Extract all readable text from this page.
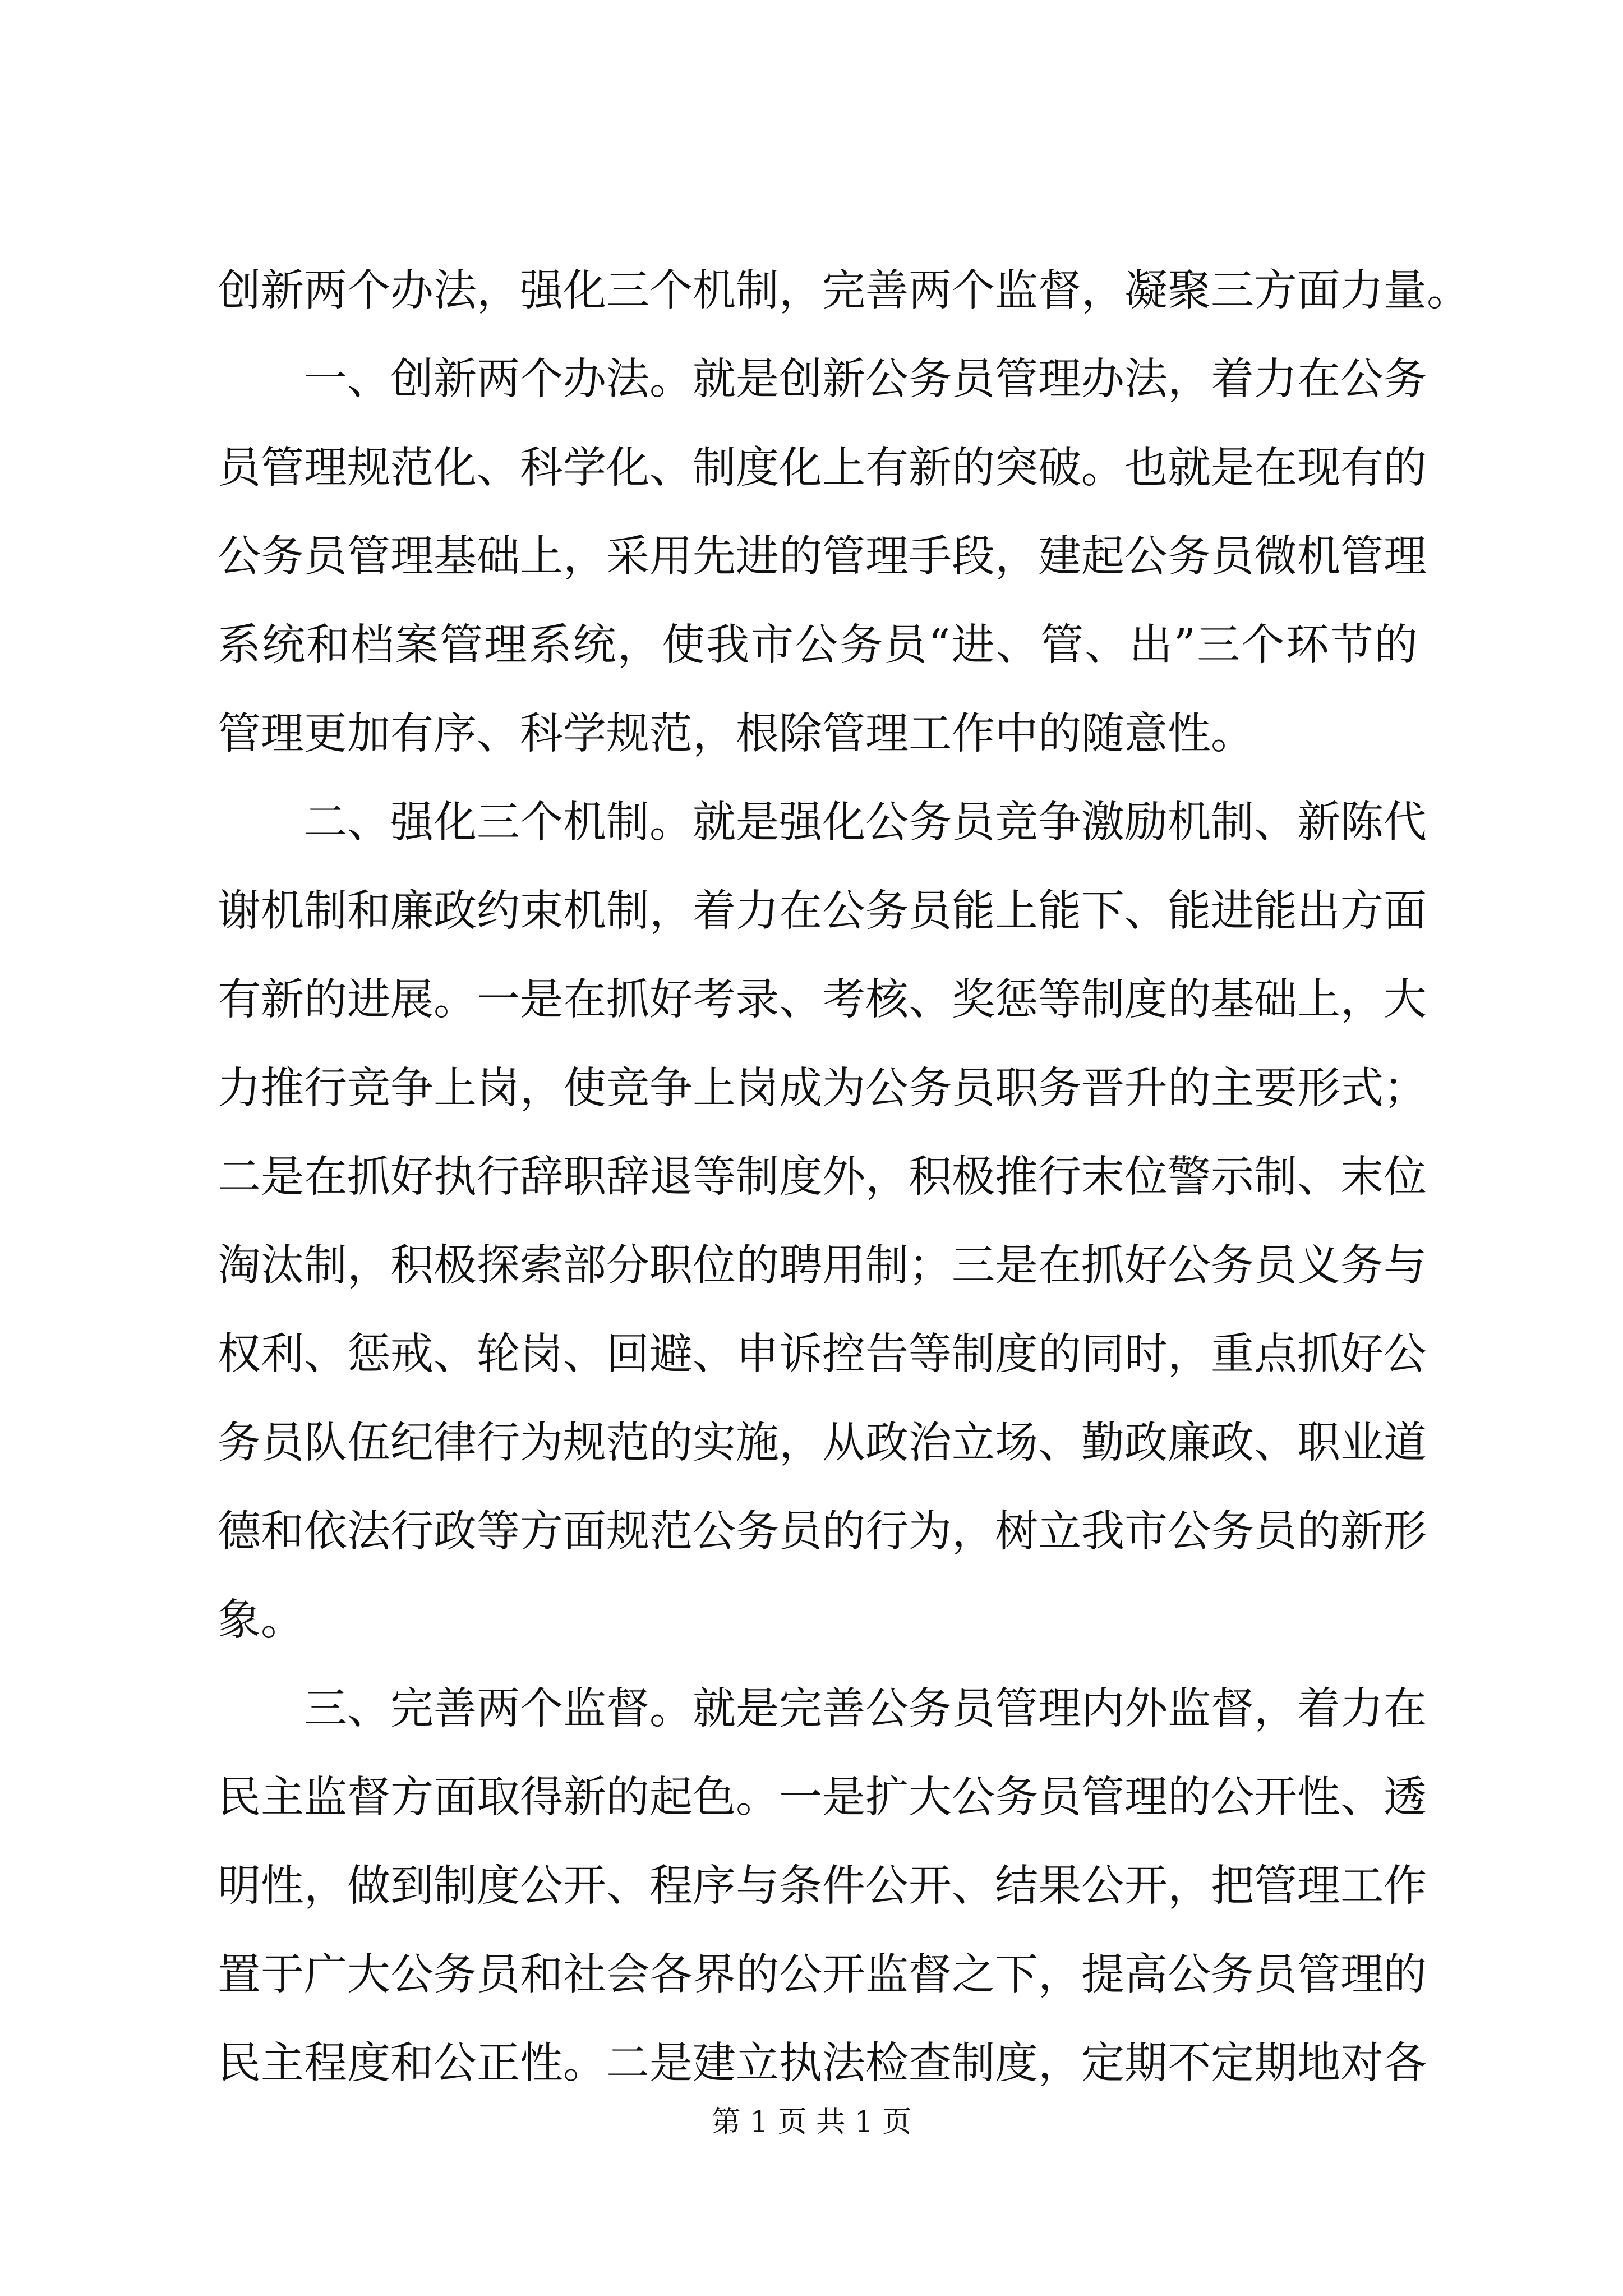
创新两个办法，强化三个机制，完善两个监督，凝聚三方面力量。
一、创新两个办法。就是创新公务员管理办法，着力在公务
员管理规范化、科学化、制度化上有新的突破。也就是在现有的
公务员管理基础上，采用先进的管理手段，建起公务员微机管理
系统和档案管理系统，使我市公务员“进、管、出”三个环节的
管理更加有序、科学规范，根除管理工作中的随意性。
二、强化三个机制。就是强化公务员竞争激励机制、新陈代
谢机制和廉政约束机制，着力在公务员能上能下、能进能出方面
有新的进展。一是在抓好考录、考核、奖惩等制度的基础上，大
力推行竞争上岗，使竞争上岗成为公务员职务晋升的主要形式；
二是在抓好执行辞职辞退等制度外，积极推行末位警示制、末位
淘汰制，积极探索部分职位的聘用制；三是在抓好公务员义务与
权利、惩戒、轮岗、回避、申诉控告等制度的同时，重点抓好公
务员队伍纪律行为规范的实施，从政治立场、勤政廉政、职业道
德和依法行政等方面规范公务员的行为，树立我市公务员的新形
象。
三、完善两个监督。就是完善公务员管理内外监督，着力在
民主监督方面取得新的起色。一是扩大公务员管理的公开性、透
明性，做到制度公开、程序与条件公开、结果公开，把管理工作
置于广大公务员和社会各界的公开监督之下，提高公务员管理的
民主程度和公正性。二是建立执法检查制度，定期不定期地对各
第 1 页 共 1 页
